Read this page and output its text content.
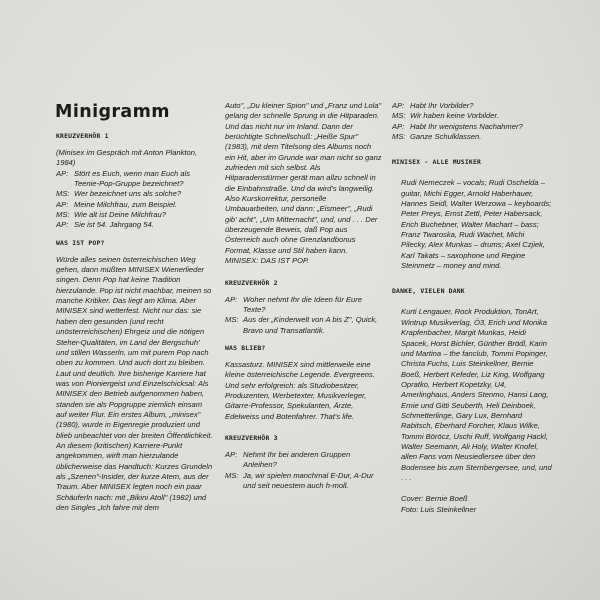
Minigramm
KREUZVERHÖR 1

(Minisex im Gespräch mit Anton Plankton, 1984)

AP: Stört es Euch, wenn man Euch als Teenie-Pop-Gruppe bezeichnet?
MS: Wer bezeichnet uns als solche?
AP: Meine Milchfrau, zum Beispiel.
MS: Wie alt ist Deine Milchfrau?
AP: Sie ist 54. Jahrgang 54.
WAS IST POP?

Würde alles seinen österreichischen Weg gehen, dann müßten MINISEX Wienerlieder singen. Denn Pop hat keine Tradition hierzulande. Pop ist nicht machbar, meinen so manche Kritiker. Das liegt am Klima. Aber MINISEX sind wetterfest. Nicht nur das: sie haben den gesunden (und recht unösterreichischen) Ehrgeiz und die nötigen Steher-Qualitäten, im Land der Bergschuh' und stillen Wasserln, um mit purem Pop nach oben zu kommen. Und auch dort zu bleiben. Laut und deutlich. Ihre bisherige Karriere hat was von Pioniergeist und Einzelschicksal: Als MINISEX den Betrieb aufgenommen haben, standen sie als Popgruppe ziemlich einsam auf weiter Flur. Ein erstes Album, „minisex" (1980), wurde in Eigenregie produziert und blieb unbeachtet von der breiten Öffentlichkeit. An diesem (kritischen) Karriere-Punkt angekommen, wirft man hierzulande üblicherweise das Handtuch: Kurzes Grundeln als „Szenen"-Insider, der kurze Atem, aus der Traum. Aber MINISEX legten noch ein paar Schäuferln nach: mit „Bikini Atoll" (1982) und den Singles „Ich fahre mit dem

Auto", „Du kleiner Spion" und „Franz und Lola" gelang der schnelle Sprung in die Hitparaden. Und das nicht nur im Inland. Dann der berüchtigte Schnellschuß: „Heiße Spur" (1983), mit dem Titelsong des Albums noch ein Hit, aber im Grunde war man nicht so ganz zufrieden mit sich selbst. Als Hitparadenstürmer gerät man allzu schnell in die Einbahnstraße. Und da wird's langweilig. Also Kurskorrektur, personelle Umbauarbeiten, und dann: „Eismeer", „Rudi gib' acht", „Um Mitternacht", und, und . . . Der überzeugende Beweis, daß Pop aus Österreich auch ohne Grenzlandbonus Format, Klasse und Stil haben kann.

MINISEX: DAS IST POP.

KREUZVERHÖR 2
AP: Woher nehmt Ihr die Ideen für Eure Texte?
MS: Aus der „Kinderwelt von A bis Z", Quick, Bravo und Transatlantik.
WAS BLIEB?

Kassasturz. MINISEX sind mittlerweile eine kleine österreichische Legende. Evergreens. Und sehr erfolgreich: als Studiobesitzer, Produzenten, Werbetexter, Musikverleger, Gitarre-Professor, Spekulanten, Ärzte, Edelweiss und Botenfahrer. That's life.

KREUZVERHÖR 3
AP: Nehmt Ihr bei anderen Gruppen Anleihen?
MS: Ja, wir spielen manchmal E-Dur, A-Dur und seit neuestem auch h-moll.
AP: Habt Ihr Vorbilder?
MS: Wir haben keine Vorbilder.
AP: Habt Ihr wenigstens Nachahmer?
MS: Ganze Schulklassen.
MINISEX - ALLE MUSIKER

Rudi Nemeczek – vocals; Rudi Oschelda – guitar, Michi Egger, Arnold Haberhauer, Hannes Seidl, Walter Werzowa – keyboards; Peter Preys, Ernst Zettl, Peter Habersack, Erich Buchebner, Walter Machart – bass; Franz Twaroska, Rudi Wachet, Michi Pilecky, Alex Munkas – drums; Axel Czjiek, Karl Takats – saxophone und Regine Steinmetz – money and mind.

DANKE, VIELEN DANK

Kurti Lengauer, Rock Produktion, TonArt, Wintrup Musikverlag, Ö3, Erich und Monika Krapfenbacher, Margit Munkas, Heidi Spacek, Horst Bichler, Günther Brödl, Karin und Martina – the fanclub, Tommi Popinger, Christa Fuchs, Luis Steinkellner, Bernie Boeß, Herbert Kefeder, Liz King, Wolfgang Opratko, Herbert Kopetzky, U4, Amerlinghaus, Anders Stenmo, Hansi Lang, Ernie und Gitti Seuberth, Heli Deinboek, Schmetterlinge, Gary Lux, Bernhard Rabitsch, Eberhard Forcher, Klaus Wilke, Tommi Böröcz, Uschi Ruff, Wolfgang Hackl, Walter Seemann, Ali Holy, Walter Knofel, allen Fans vom Neusiedlersee über den Bodensee bis zum Sternbergersee, und, und . . .

Cover: Bernie Boeß

Foto: Luis Steinkellner
